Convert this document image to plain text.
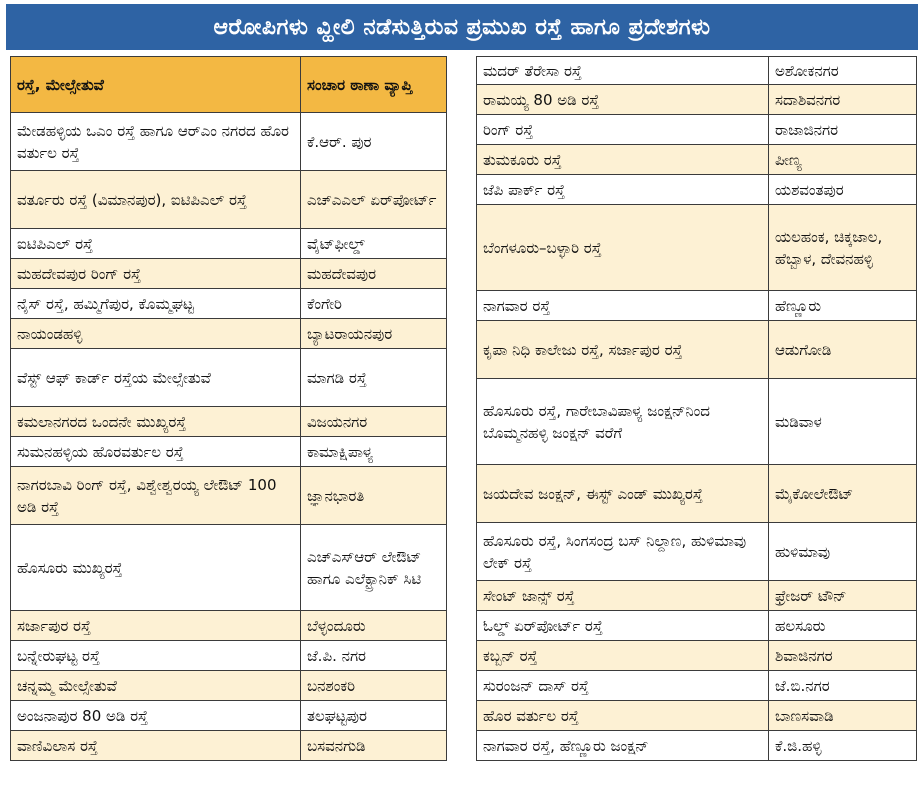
ಆರೋಪಿಗಳು ವ್ಹೀಲಿ ನಡೆಸುತ್ತಿರುವ ಪ್ರಮುಖ ರಸ್ತೆ ಹಾಗೂ ಪ್ರದೇಶಗಳು
ರಸ್ತೆ, ಮೇಲ್ಸೇತುವೆ	ಸಂಚಾರ ಠಾಣಾ ವ್ಯಾಪ್ತಿ
ಮೇಡಹಳ್ಳಿಯ ಒಎಂ ರಸ್ತೆ ಹಾಗೂ ಆರ್‌ಎಂ ನಗರದ ಹೊರ ವರ್ತುಲ ರಸ್ತೆ	ಕೆ.ಆರ್. ಪುರ
ವರ್ತೂರು ರಸ್ತೆ (ವಿಮಾನಪುರ), ಐಟಿಪಿಎಲ್ ರಸ್ತೆ	ಎಚ್‌ಎಎಲ್ ಏರ್‌ಪೋರ್ಟ್
ಐಟಿಪಿಎಲ್ ರಸ್ತೆ	ವೈಟ್‌ಫೀಲ್ಡ್
ಮಹದೇವಪುರ ರಿಂಗ್ ರಸ್ತೆ	ಮಹದೇವಪುರ
ನೈಸ್ ರಸ್ತೆ, ಹಮ್ಮಿಗೆಪುರ, ಕೊಮ್ಮಘಟ್ಟ	ಕೆಂಗೇರಿ
ನಾಯಂಡಹಳ್ಳಿ	ಬ್ಯಾಟರಾಯನಪುರ
ವೆಸ್ಟ್ ಆಫ್ ಕಾರ್ಡ್ ರಸ್ತೆಯ ಮೇಲ್ಸೇತುವೆ	ಮಾಗಡಿ ರಸ್ತೆ
ಕಮಲಾನಗರದ ಒಂದನೇ ಮುಖ್ಯರಸ್ತೆ	ವಿಜಯನಗರ
ಸುಮನಹಳ್ಳಿಯ ಹೊರವರ್ತುಲ ರಸ್ತೆ	ಕಾಮಾಕ್ಷಿಪಾಳ್ಯ
ನಾಗರಬಾವಿ ರಿಂಗ್ ರಸ್ತೆ, ವಿಶ್ವೇಶ್ವರಯ್ಯ ಲೇಔಟ್ 100 ಅಡಿ ರಸ್ತೆ	ಜ್ಞಾನಭಾರತಿ
ಹೊಸೂರು ಮುಖ್ಯರಸ್ತೆ	ಎಚ್‌ಎಸ್‌ಆರ್ ಲೇಔಟ್ ಹಾಗೂ ಎಲೆಕ್ಟ್ರಾನಿಕ್ ಸಿಟಿ
ಸರ್ಜಾಪುರ ರಸ್ತೆ	ಬೆಳ್ಳಂದೂರು
ಬನ್ನೇರುಘಟ್ಟ ರಸ್ತೆ	ಜೆ.ಪಿ. ನಗರ
ಚನ್ನಮ್ಮ ಮೇಲ್ಸೇತುವೆ	ಬನಶಂಕರಿ
ಅಂಜನಾಪುರ 80 ಅಡಿ ರಸ್ತೆ	ತಲಘಟ್ಟಪುರ
ವಾಣಿವಿಲಾಸ ರಸ್ತೆ	ಬಸವನಗುಡಿ
ಮದರ್ ತೆರೇಸಾ ರಸ್ತೆ	ಅಶೋಕನಗರ
ರಾಮಯ್ಯ 80 ಅಡಿ ರಸ್ತೆ	ಸದಾಶಿವನಗರ
ರಿಂಗ್ ರಸ್ತೆ	ರಾಜಾಜಿನಗರ
ತುಮಕೂರು ರಸ್ತೆ	ಪೀಣ್ಯ
ಜೆಪಿ ಪಾರ್ಕ್ ರಸ್ತೆ	ಯಶವಂತಪುರ
ಬೆಂಗಳೂರು–ಬಳ್ಳಾರಿ ರಸ್ತೆ	ಯಲಹಂಕ, ಚಿಕ್ಕಜಾಲ, ಹೆಬ್ಬಾಳ, ದೇವನಹಳ್ಳಿ
ನಾಗವಾರ ರಸ್ತೆ	ಹೆಣ್ಣೂರು
ಕೃಪಾ ನಿಧಿ ಕಾಲೇಜು ರಸ್ತೆ, ಸರ್ಜಾಪುರ ರಸ್ತೆ	ಆಡುಗೋಡಿ
ಹೊಸೂರು ರಸ್ತೆ, ಗಾರೇಬಾವಿಪಾಳ್ಯ ಜಂಕ್ಷನ್‌ನಿಂದ ಬೊಮ್ಮನಹಳ್ಳಿ ಜಂಕ್ಷನ್ ವರೆಗೆ	ಮಡಿವಾಳ
ಜಯದೇವ ಜಂಕ್ಷನ್, ಈಸ್ಟ್ ಎಂಡ್ ಮುಖ್ಯರಸ್ತೆ	ಮೈಕೋಲೇಔಟ್
ಹೊಸೂರು ರಸ್ತೆ, ಸಿಂಗಸಂದ್ರ ಬಸ್ ನಿಲ್ದಾಣ, ಹುಳಿಮಾವು ಲೇಕ್ ರಸ್ತೆ	ಹುಳಿಮಾವು
ಸೇಂಟ್ ಜಾನ್ಸ್ ರಸ್ತೆ	ಫ್ರೇಜರ್ ಟೌನ್
ಓಲ್ಡ್ ಏರ್‌ಪೋರ್ಟ್ ರಸ್ತೆ	ಹಲಸೂರು
ಕಬ್ಬನ್ ರಸ್ತೆ	ಶಿವಾಜಿನಗರ
ಸುರಂಜನ್ ದಾಸ್ ರಸ್ತೆ	ಜೆ.ಬಿ.ನಗರ
ಹೊರ ವರ್ತುಲ ರಸ್ತೆ	ಬಾಣಸವಾಡಿ
ನಾಗವಾರ ರಸ್ತೆ, ಹೆಣ್ಣೂರು ಜಂಕ್ಷನ್	ಕೆ.ಜಿ.ಹಳ್ಳಿ
